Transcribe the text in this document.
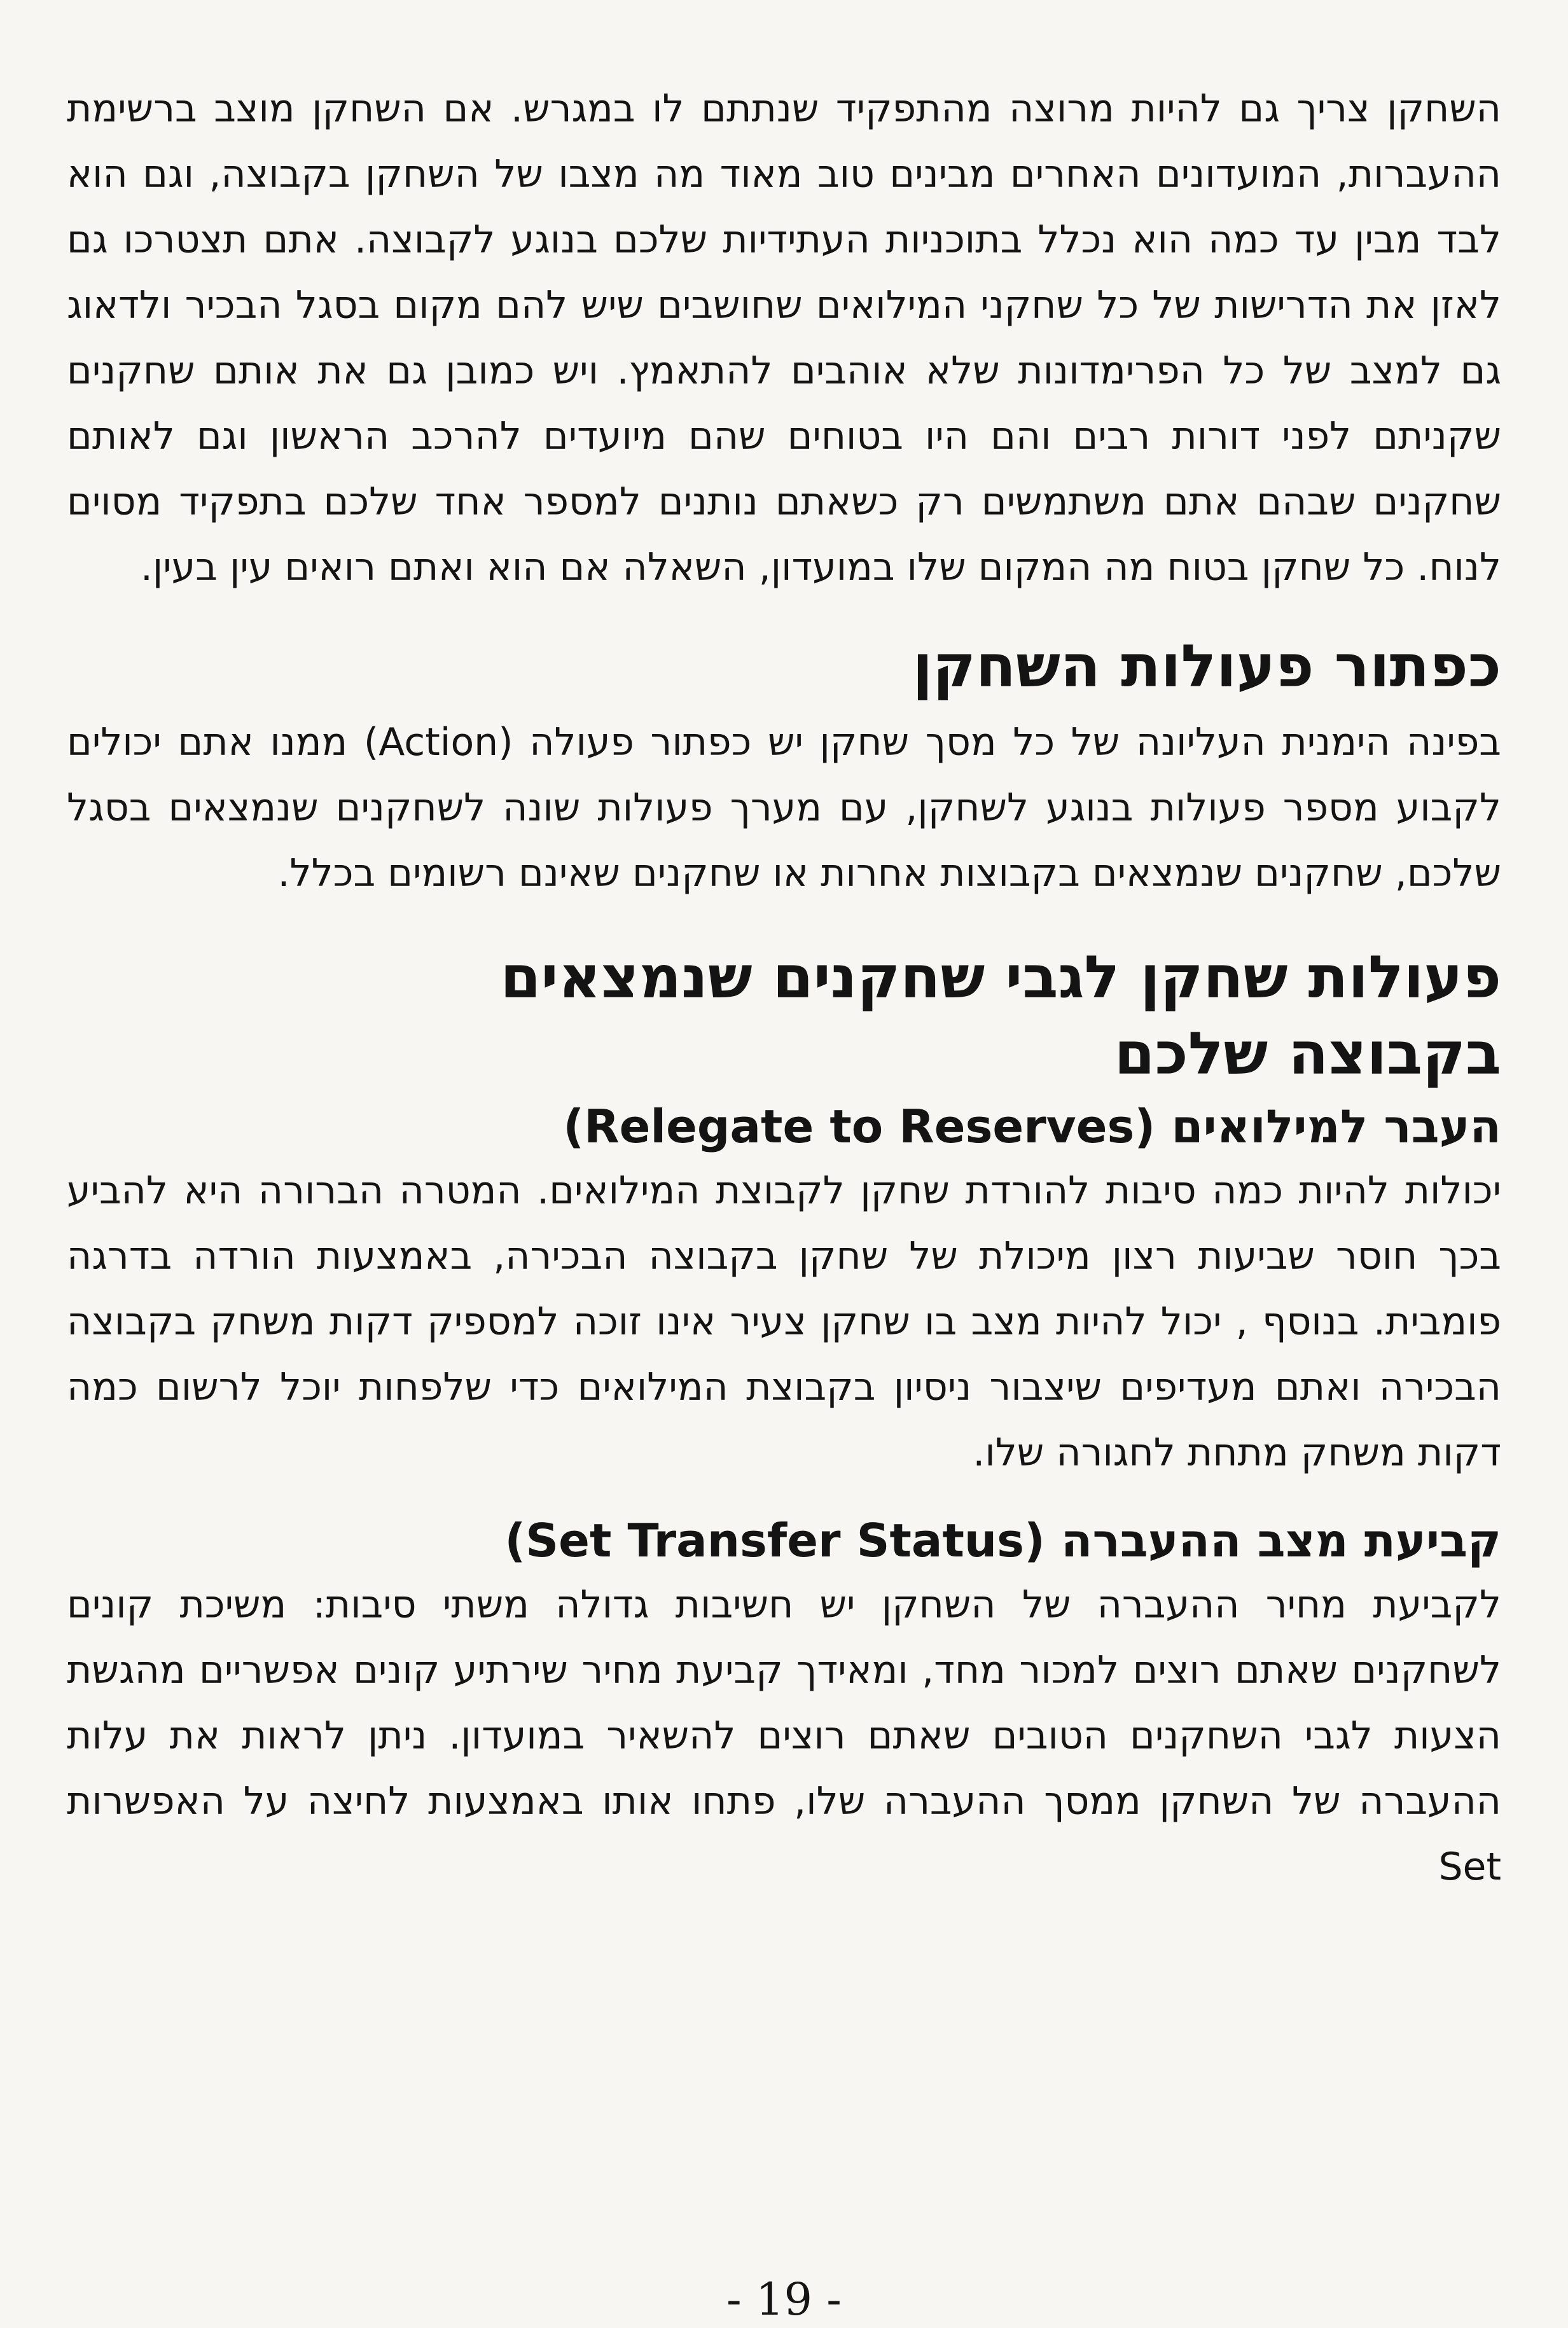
השחקן צריך גם להיות מרוצה מהתפקיד שנתתם לו במגרש. אם השחקן מוצב ברשימת ההעברות, המועדונים האחרים מבינים טוב מאוד מה מצבו של השחקן בקבוצה, וגם הוא לבד מבין עד כמה הוא נכלל בתוכניות העתידיות שלכם בנוגע לקבוצה. אתם תצטרכו גם לאזן את הדרישות של כל שחקני המילואים שחושבים שיש להם מקום בסגל הבכיר ולדאוג גם למצב של כל הפרימדונות שלא אוהבים להתאמץ. ויש כמובן גם את אותם שחקנים שקניתם לפני דורות רבים והם היו בטוחים שהם מיועדים להרכב הראשון וגם לאותם שחקנים שבהם אתם משתמשים רק כשאתם נותנים למספר אחד שלכם בתפקיד מסוים לנוח. כל שחקן בטוח מה המקום שלו במועדון, השאלה אם הוא ואתם רואים עין בעין.

כפתור פעולות השחקן

בפינה הימנית העליונה של כל מסך שחקן יש כפתור פעולה (Action) ממנו אתם יכולים לקבוע מספר פעולות בנוגע לשחקן, עם מערך פעולות שונה לשחקנים שנמצאים בסגל שלכם, שחקנים שנמצאים בקבוצות אחרות או שחקנים שאינם רשומים בכלל.

פעולות שחקן לגבי שחקנים שנמצאים
בקבוצה שלכם
העבר למילואים (Relegate to Reserves)

יכולות להיות כמה סיבות להורדת שחקן לקבוצת המילואים. המטרה הברורה היא להביע בכך חוסר שביעות רצון מיכולת של שחקן בקבוצה הבכירה, באמצעות הורדה בדרגה פומבית. בנוסף , יכול להיות מצב בו שחקן צעיר אינו זוכה למספיק דקות משחק בקבוצה הבכירה ואתם מעדיפים שיצבור ניסיון בקבוצת המילואים כדי שלפחות יוכל לרשום כמה דקות משחק מתחת לחגורה שלו.

קביעת מצב ההעברה (Set Transfer Status)

לקביעת מחיר ההעברה של השחקן יש חשיבות גדולה משתי סיבות: משיכת קונים לשחקנים שאתם רוצים למכור מחד, ומאידך קביעת מחיר שירתיע קונים אפשריים מהגשת הצעות לגבי השחקנים הטובים שאתם רוצים להשאיר במועדון. ניתן לראות את עלות ההעברה של השחקן ממסך ההעברה שלו, פתחו אותו באמצעות לחיצה על האפשרות Set

- 19 -
